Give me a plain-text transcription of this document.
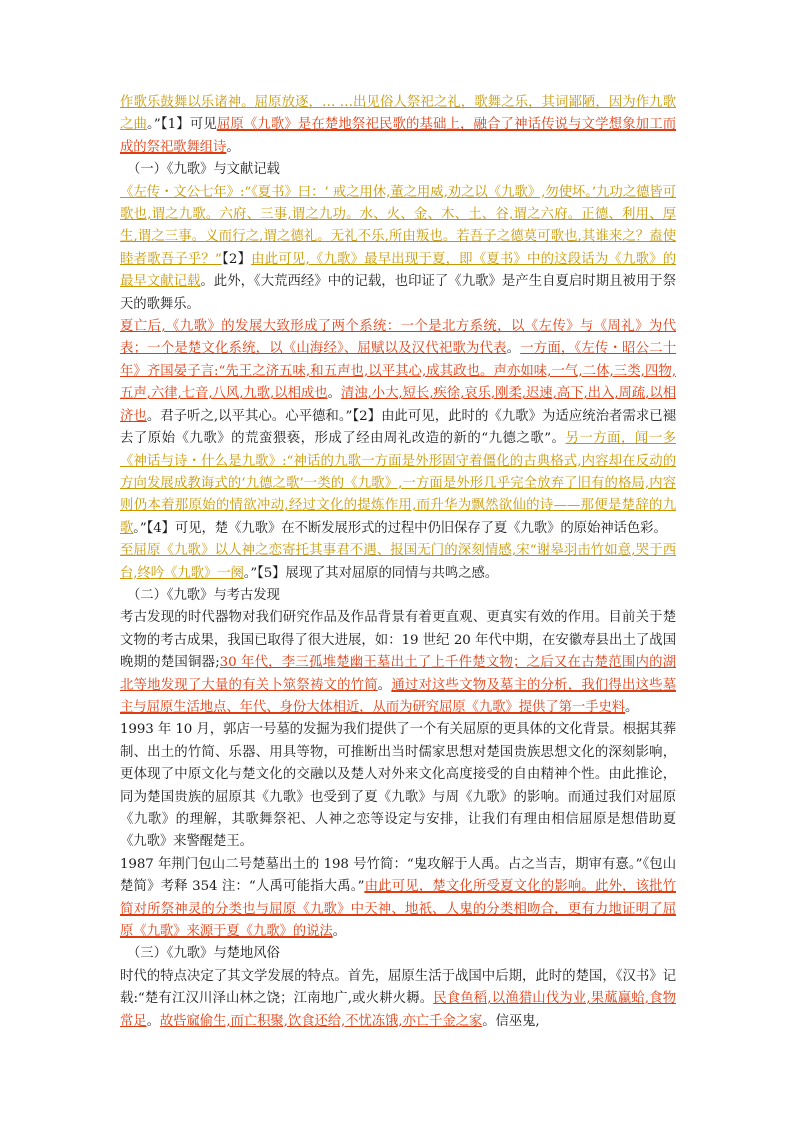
作歌乐鼓舞以乐诸神。屈原放逐，… …出见俗人祭祀之礼，歌舞之乐，其词鄙陋，因为作九歌之曲。”【1】可见屈原《九歌》是在楚地祭祀民歌的基础上，融合了神话传说与文学想象加工而成的祭祀歌舞组诗。

（一）《九歌》与文献记载

《左传・文公七年》:“《夏书》曰：‘ 戒之用休,董之用威,劝之以《九歌》,勿使坏。’九功之德皆可歌也,谓之九歌。六府、三事,谓之九功。水、火、金、木、土、谷,谓之六府。正德、利用、厚生,谓之三事。义而行之,谓之德礼。无礼不乐,所由叛也。若吾子之德莫可歌也,其谁来之？盍使睦者歌吾子乎？”【2】由此可见,《九歌》最早出现于夏，即《夏书》中的这段话为《九歌》的最早文献记载。此外，《大荒西经》中的记载，也印证了《九歌》是产生自夏启时期且被用于祭天的歌舞乐。

夏亡后,《九歌》的发展大致形成了两个系统：一个是北方系统，以《左传》与《周礼》为代表；一个是楚文化系统，以《山海经》、屈赋以及汉代祀歌为代表。一方面，《左传・昭公二十年》齐国晏子言:“先王之济五味,和五声也,以平其心,成其政也。声亦如味,一气,二体,三类,四物,五声,六律,七音,八风,九歌,以相成也。清浊,小大,短长,疾徐,哀乐,刚柔,迟速,高下,出入,周疏,以相济也。君子听之,以平其心。心平德和。”【2】由此可见，此时的《九歌》为适应统治者需求已褪去了原始《九歌》的荒蛮猥亵，形成了经由周礼改造的新的“九德之歌”。另一方面，闻一多《神话与诗・什么是九歌》:“神话的九歌一方面是外形固守着僵化的古典格式,内容却在反动的方向发展成教诲式的‘九德之歌’一类的《九歌》,一方面是外形几乎完全放弃了旧有的格局,内容则仍本着那原始的情欲冲动,经过文化的提炼作用,而升华为飘然欲仙的诗——那便是楚辞的九歌。”【4】可见，楚《九歌》在不断发展形式的过程中仍旧保存了夏《九歌》的原始神话色彩。

至屈原《九歌》以人神之恋寄托其事君不遇、报国无门的深刻情感,宋“谢皋羽击竹如意,哭于西台,终吟《九歌》一阕。”【5】展现了其对屈原的同情与共鸣之感。

（二）《九歌》与考古发现

考古发现的时代器物对我们研究作品及作品背景有着更直观、更真实有效的作用。目前关于楚文物的考古成果，我国已取得了很大进展，如：19 世纪 20 年代中期，在安徽寿县出土了战国晚期的楚国铜器;30 年代，李三孤堆楚幽王墓出土了上千件楚文物；之后又在古楚范围内的湖北等地发现了大量的有关卜筮祭祷文的竹简。通过对这些文物及墓主的分析，我们得出这些墓主与屈原生活地点、年代、身份大体相近，从而为研究屈原《九歌》提供了第一手史料。

1993 年 10 月，郭店一号墓的发掘为我们提供了一个有关屈原的更具体的文化背景。根据其葬制、出土的竹简、乐器、用具等物，可推断出当时儒家思想对楚国贵族思想文化的深刻影响，更体现了中原文化与楚文化的交融以及楚人对外来文化高度接受的自由精神个性。由此推论，同为楚国贵族的屈原其《九歌》也受到了夏《九歌》与周《九歌》的影响。而通过我们对屈原《九歌》的理解，其歌舞祭祀、人神之恋等设定与安排，让我们有理由相信屈原是想借助夏《九歌》来警醒楚王。

1987 年荆门包山二号楚墓出土的 198 号竹简：“鬼攻解于人禹。占之当吉，期审有憙。”《包山楚简》考释 354 注：“人禹可能指大禹。”由此可见，楚文化所受夏文化的影响。此外，该批竹简对所祭神灵的分类也与屈原《九歌》中天神、地祇、人鬼的分类相吻合，更有力地证明了屈原《九歌》来源于夏《九歌》的说法。

（三）《九歌》与楚地风俗

时代的特点决定了其文学发展的特点。首先，屈原生活于战国中后期，此时的楚国，《汉书》记载:“楚有江汉川泽山林之饶；江南地广,或火耕火耨。民食鱼稻,以渔猎山伐为业,果蓏蠃蛤,食物常足。故呰窳偷生,而亡积聚,饮食还给,不忧冻饿,亦亡千金之家。信巫鬼,
